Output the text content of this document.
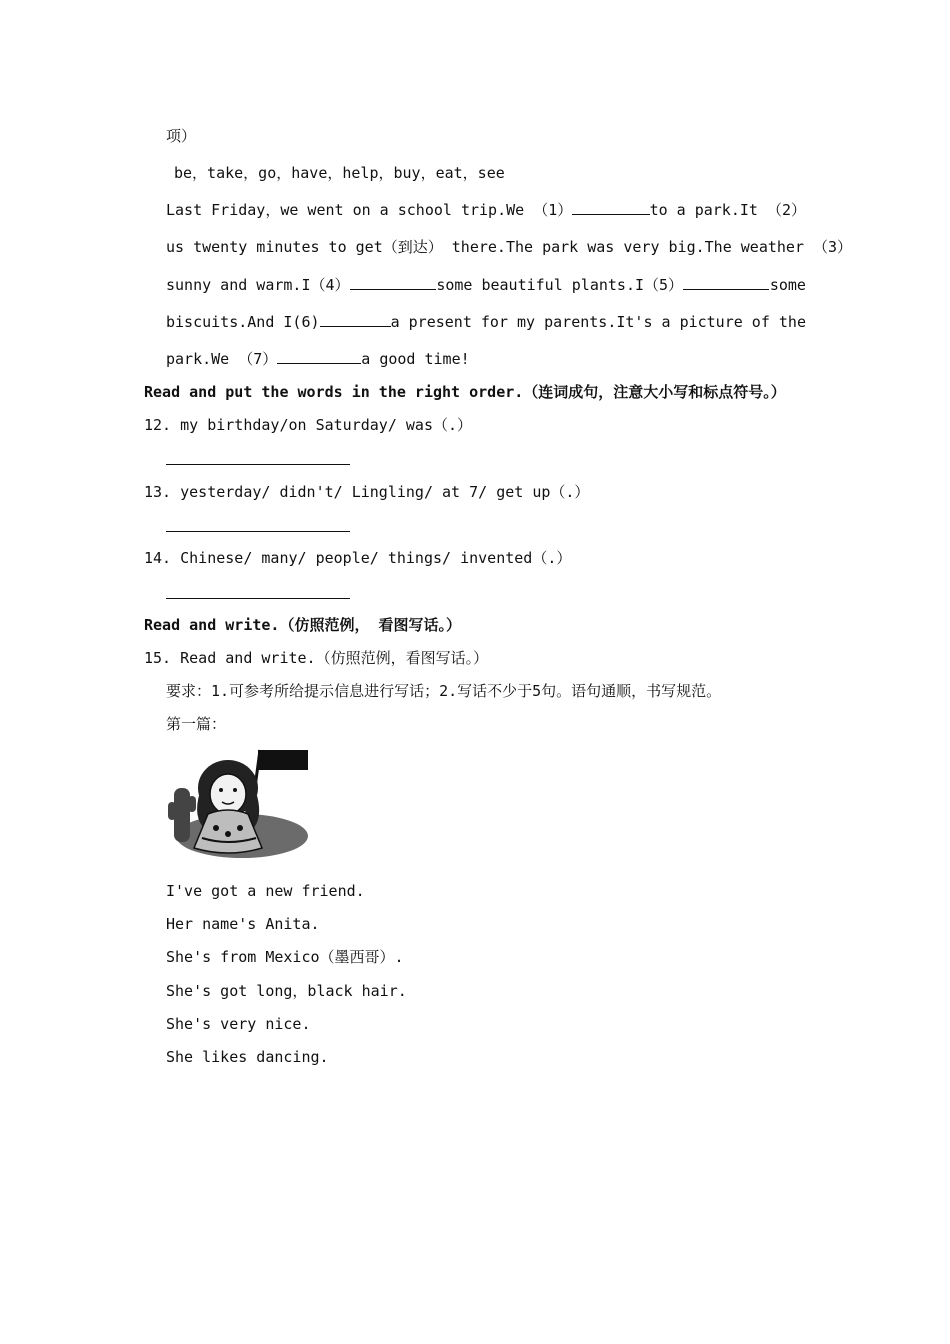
项）
be，take，go，have，help，buy，eat，see
Last Friday，we went on a school trip.We （1）	to a park.It （2）
us twenty minutes to get（到达） there.The park was very big.The weather （3）
sunny and warm.I（4）	some beautiful plants.I（5）	some
biscuits.And I(6)	a present for my parents.It's a picture of the
park.We （7）	a good time!
Read and put the words in the right order.（连词成句，注意大小写和标点符号。）
12. my birthday/on Saturday/ was（.）
13. yesterday/ didn't/ Lingling/ at 7/ get up（.）
14. Chinese/ many/ people/ things/ invented（.）
Read and write.（仿照范例， 看图写话。）
15. Read and write.（仿照范例，看图写话。）
要求：1.可参考所给提示信息进行写话；2.写话不少于5句。语句通顺，书写规范。
第一篇：
I've got a new friend.
Her name's Anita.
She's from Mexico（墨西哥）.
She's got long，black hair.
She's very nice.
She likes dancing.
